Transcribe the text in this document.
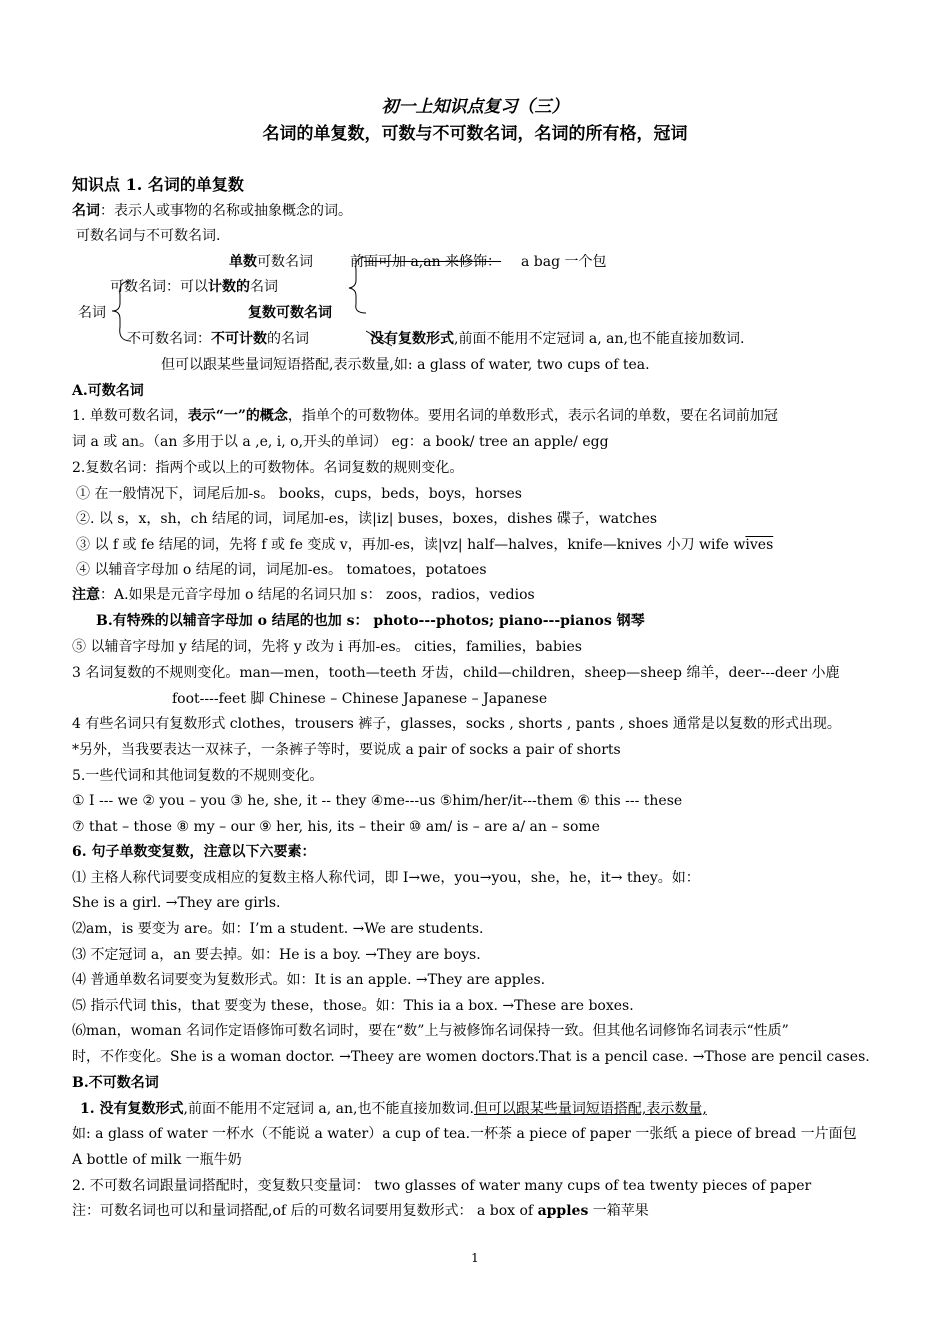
初一上知识点复习（三）
名词的单复数，可数与不可数名词，名词的所有格，冠词
知识点 1. 名词的单复数
名词：表示人或事物的名称或抽象概念的词。
可数名词与不可数名词.
单数可数名词	前面可加 a,an 来修饰： a bag 一个包
可数名词：可以计数的名词
名词	复数可数名词
不可数名词：不可计数的名词	没有复数形式,前面不能用不定冠词 a, an,也不能直接加数词.
但可以跟某些量词短语搭配,表示数量,如: a glass of water, two cups of tea.
A.可数名词
1. 单数可数名词，表示“一”的概念，指单个的可数物体。要用名词的单数形式，表示名词的单数，要在名词前加冠
词 a 或 an。（an 多用于以 a ,e, i, o,开头的单词） eg：a book/ tree an apple/ egg
2.复数名词：指两个或以上的可数物体。名词复数的规则变化。
① 在一般情况下，词尾后加-s。 books，cups，beds，boys，horses
②. 以 s，x，sh，ch 结尾的词，词尾加-es，读|iz| buses，boxes，dishes 碟子，watches
③ 以 f 或 fe 结尾的词，先将 f 或 fe 变成 v，再加-es，读|vz| half—halves，knife—knives 小刀 wife wives
④ 以辅音字母加 o 结尾的词，词尾加-es。 tomatoes，potatoes
注意：A.如果是元音字母加 o 结尾的名词只加 s： zoos，radios，vedios
B.有特殊的以辅音字母加 o 结尾的也加 s： photo---photos; piano---pianos 钢琴
⑤ 以辅音字母加 y 结尾的词，先将 y 改为 i 再加-es。 cities，families，babies
3 名词复数的不规则变化。man—men，tooth—teeth 牙齿，child—children，sheep—sheep 绵羊，deer---deer 小鹿
foot----feet 脚 Chinese – Chinese Japanese – Japanese
4 有些名词只有复数形式 clothes，trousers 裤子，glasses，socks , shorts , pants , shoes 通常是以复数的形式出现。
*另外，当我要表达一双袜子，一条裤子等时，要说成 a pair of socks a pair of shorts
5.一些代词和其他词复数的不规则变化。
① I --- we ② you – you ③ he, she, it -- they ④me---us ⑤him/her/it---them ⑥ this --- these
⑦ that – those ⑧ my – our ⑨ her, his, its – their ⑩ am/ is – are a/ an – some
6. 句子单数变复数，注意以下六要素：
⑴ 主格人称代词要变成相应的复数主格人称代词，即 I→we，you→you，she，he，it→ they。如：
She is a girl. →They are girls.
⑵am，is 要变为 are。如：I’m a student. →We are students.
⑶ 不定冠词 a，an 要去掉。如：He is a boy. →They are boys.
⑷ 普通单数名词要变为复数形式。如：It is an apple. →They are apples.
⑸ 指示代词 this，that 要变为 these，those。如：This ia a box. →These are boxes.
⑹man，woman 名词作定语修饰可数名词时，要在“数”上与被修饰名词保持一致。但其他名词修饰名词表示“性质”
时，不作变化。She is a woman doctor. →Theey are women doctors.That is a pencil case. →Those are pencil cases.
B.不可数名词
1. 没有复数形式,前面不能用不定冠词 a, an,也不能直接加数词.但可以跟某些量词短语搭配,表示数量,
如: a glass of water 一杯水（不能说 a water）a cup of tea.一杯茶 a piece of paper 一张纸 a piece of bread 一片面包
A bottle of milk 一瓶牛奶
2. 不可数名词跟量词搭配时，变复数只变量词： two glasses of water many cups of tea twenty pieces of paper
注：可数名词也可以和量词搭配,of 后的可数名词要用复数形式： a box of apples 一箱苹果
1
